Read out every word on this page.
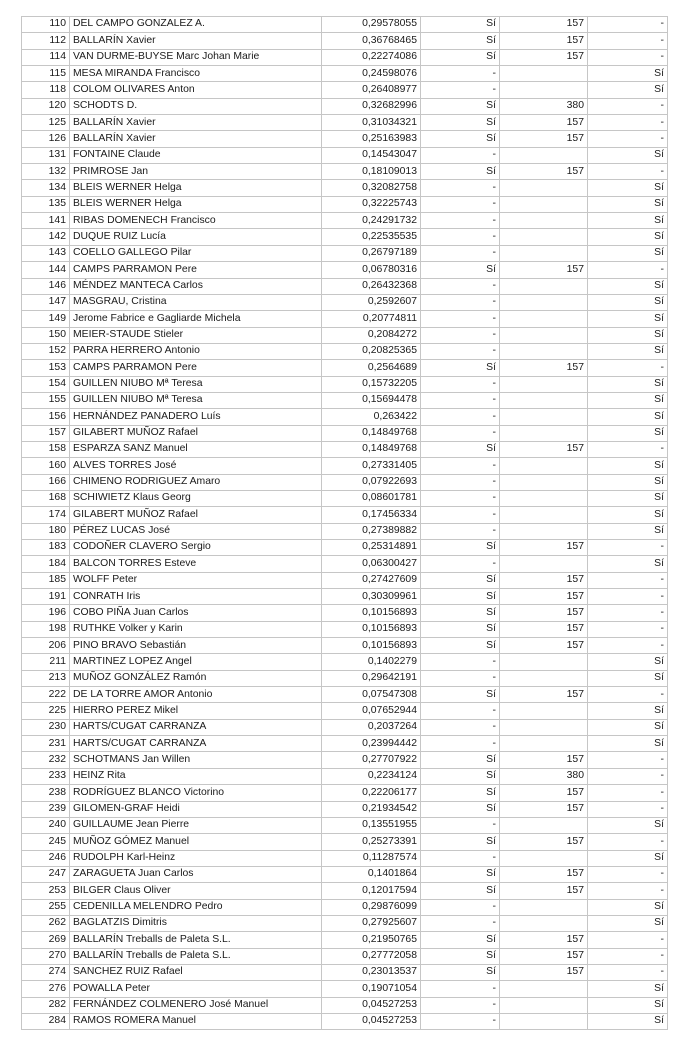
110	DEL CAMPO GONZALEZ A.	0,29578055	Sí	157	-
112	BALLARÍN Xavier	0,36768465	Sí	157	-
114	VAN DURME-BUYSE Marc Johan Marie	0,22274086	Sí	157	-
115	MESA MIRANDA Francisco	0,24598076	-		Sí
118	COLOM OLIVARES Anton	0,26408977	-		Sí
120	SCHODTS D.	0,32682996	Sí	380	-
125	BALLARÍN Xavier	0,31034321	Sí	157	-
126	BALLARÍN Xavier	0,25163983	Sí	157	-
131	FONTAINE Claude	0,14543047	-		Sí
132	PRIMROSE Jan	0,18109013	Sí	157	-
134	BLEIS WERNER Helga	0,32082758	-		Sí
135	BLEIS WERNER Helga	0,32225743	-		Sí
141	RIBAS DOMENECH Francisco	0,24291732	-		Sí
142	DUQUE RUIZ Lucía	0,22535535	-		Sí
143	COELLO GALLEGO Pilar	0,26797189	-		Sí
144	CAMPS PARRAMON Pere	0,06780316	Sí	157	-
146	MÉNDEZ MANTECA Carlos	0,26432368	-		Sí
147	MASGRAU, Cristina	0,2592607	-		Sí
149	Jerome Fabrice e Gagliarde Michela	0,20774811	-		Sí
150	MEIER-STAUDE Stieler	0,2084272	-		Sí
152	PARRA HERRERO Antonio	0,20825365	-		Sí
153	CAMPS PARRAMON Pere	0,2564689	Sí	157	-
154	GUILLEN NIUBO Mª Teresa	0,15732205	-		Sí
155	GUILLEN NIUBO Mª Teresa	0,15694478	-		Sí
156	HERNÁNDEZ PANADERO Luís	0,263422	-		Sí
157	GILABERT MUÑOZ Rafael	0,14849768	-		Sí
158	ESPARZA SANZ Manuel	0,14849768	Sí	157	-
160	ALVES TORRES José	0,27331405	-		Sí
166	CHIMENO RODRIGUEZ Amaro	0,07922693	-		Sí
168	SCHIWIETZ Klaus Georg	0,08601781	-		Sí
174	GILABERT MUÑOZ Rafael	0,17456334	-		Sí
180	PÉREZ LUCAS José	0,27389882	-		Sí
183	CODOÑER CLAVERO Sergio	0,25314891	Sí	157	-
184	BALCON TORRES Esteve	0,06300427	-		Sí
185	WOLFF Peter	0,27427609	Sí	157	-
191	CONRATH Iris	0,30309961	Sí	157	-
196	COBO PIÑA Juan Carlos	0,10156893	Sí	157	-
198	RUTHKE Volker y Karin	0,10156893	Sí	157	-
206	PINO BRAVO Sebastián	0,10156893	Sí	157	-
211	MARTINEZ LOPEZ Angel	0,1402279	-		Sí
213	MUÑOZ GONZÁLEZ Ramón	0,29642191	-		Sí
222	DE LA TORRE AMOR Antonio	0,07547308	Sí	157	-
225	HIERRO PEREZ Mikel	0,07652944	-		Sí
230	HARTS/CUGAT CARRANZA	0,2037264	-		Sí
231	HARTS/CUGAT CARRANZA	0,23994442	-		Sí
232	SCHOTMANS Jan Willen	0,27707922	Sí	157	-
233	HEINZ Rita	0,2234124	Sí	380	-
238	RODRÍGUEZ BLANCO Victorino	0,22206177	Sí	157	-
239	GILOMEN-GRAF Heidi	0,21934542	Sí	157	-
240	GUILLAUME Jean Pierre	0,13551955	-		Sí
245	MUÑOZ GÓMEZ Manuel	0,25273391	Sí	157	-
246	RUDOLPH Karl-Heinz	0,11287574	-		Sí
247	ZARAGUETA Juan Carlos	0,1401864	Sí	157	-
253	BILGER Claus Oliver	0,12017594	Sí	157	-
255	CEDENILLA MELENDRO Pedro	0,29876099	-		Sí
262	BAGLATZIS Dimitris	0,27925607	-		Sí
269	BALLARÍN Treballs de Paleta S.L.	0,21950765	Sí	157	-
270	BALLARÍN Treballs de Paleta S.L.	0,27772058	Sí	157	-
274	SANCHEZ RUIZ Rafael	0,23013537	Sí	157	-
276	POWALLA Peter	0,19071054	-		Sí
282	FERNÁNDEZ COLMENERO José Manuel	0,04527253	-		Sí
284	RAMOS ROMERA Manuel	0,04527253	-		Sí
